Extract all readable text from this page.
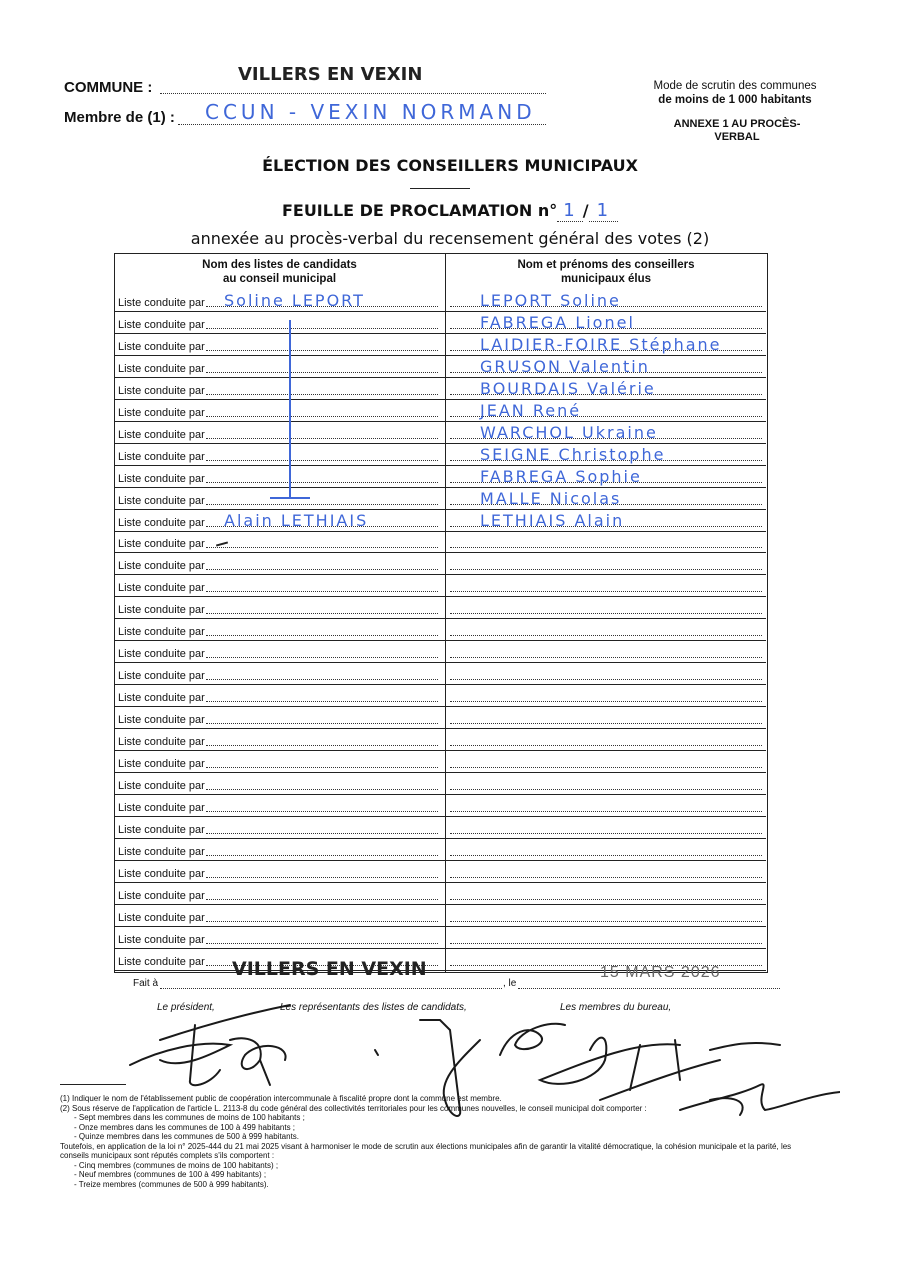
COMMUNE :
VILLERS EN VEXIN
Membre de (1) : CCUN - VEXIN NORMAND
Mode de scrutin des communes
de moins de 1 000 habitants
ANNEXE 1 AU PROCÈS-
VERBAL
ÉLECTION DES CONSEILLERS MUNICIPAUX
FEUILLE DE PROCLAMATION n° 1 / 1
annexée au procès-verbal du recensement général des votes (2)
Nom des listes de candidats
au conseil municipal
Nom et prénoms des conseillers
municipaux élus
Liste conduite par Soline LEPORT	LEPORT Soline
Liste conduite par	FABREGA Lionel
Liste conduite par	LAIDIER-FOIRE Stéphane
Liste conduite par	GRUSON Valentin
Liste conduite par	BOURDAIS Valérie
Liste conduite par	JEAN René
Liste conduite par	WARCHOL Ukraine
Liste conduite par	SEIGNE Christophe
Liste conduite par	FABREGA Sophie
Liste conduite par	MALLE Nicolas
Liste conduite par Alain LETHIAIS	LETHIAIS Alain
Liste conduite par
Liste conduite par
Liste conduite par
Liste conduite par
Liste conduite par
Liste conduite par
Liste conduite par
Liste conduite par
Liste conduite par
Liste conduite par
Liste conduite par
Liste conduite par
Liste conduite par
Liste conduite par
Liste conduite par
Liste conduite par
Liste conduite par
Liste conduite par
Liste conduite par
Liste conduite par
Fait à
VILLERS EN VEXIN
, le
15 MARS 2026
Le président,	Les représentants des listes de candidats,	Les membres du bureau,
(1) Indiquer le nom de l'établissement public de coopération intercommunale à fiscalité propre dont la commune est membre.
(2) Sous réserve de l'application de l'article L. 2113-8 du code général des collectivités territoriales pour les communes nouvelles, le conseil municipal doit comporter :
- Sept membres dans les communes de moins de 100 habitants ;
- Onze membres dans les communes de 100 à 499 habitants ;
- Quinze membres dans les communes de 500 à 999 habitants.
Toutefois, en application de la loi n° 2025-444 du 21 mai 2025 visant à harmoniser le mode de scrutin aux élections municipales afin de garantir la vitalité démocratique, la cohésion municipale et la parité, les
conseils municipaux sont réputés complets s'ils comportent :
- Cinq membres (communes de moins de 100 habitants) ;
- Neuf membres (communes de 100 à 499 habitants) ;
- Treize membres (communes de 500 à 999 habitants).
